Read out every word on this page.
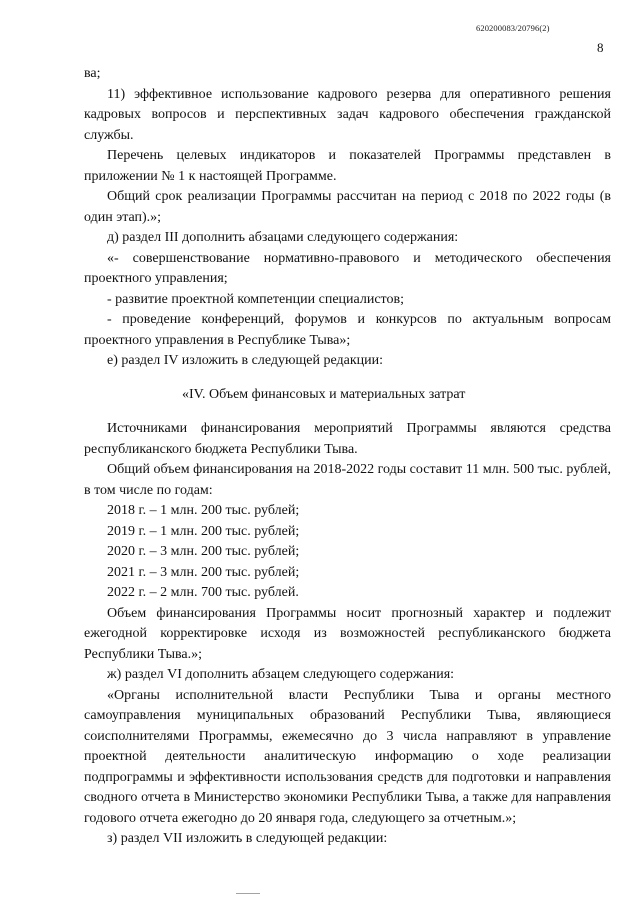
620200083/20796(2)
8
ва;
11) эффективное использование кадрового резерва для оперативного решения кадровых вопросов и перспективных задач кадрового обеспечения гражданской службы.
Перечень целевых индикаторов и показателей Программы представлен в приложении № 1 к настоящей Программе.
Общий срок реализации Программы рассчитан на период с 2018 по 2022 годы (в один этап).»;
д) раздел III дополнить абзацами следующего содержания:
«- совершенствование нормативно-правового и методического обеспечения проектного управления;
- развитие проектной компетенции специалистов;
- проведение конференций, форумов и конкурсов по актуальным вопросам проектного управления в Республике Тыва»;
е) раздел IV изложить в следующей редакции:
«IV. Объем финансовых и материальных затрат
Источниками финансирования мероприятий Программы являются средства республиканского бюджета Республики Тыва.
Общий объем финансирования на 2018-2022 годы составит 11 млн. 500 тыс. рублей, в том числе по годам:
2018 г. – 1 млн. 200 тыс. рублей;
2019 г. – 1 млн. 200 тыс. рублей;
2020 г. – 3 млн. 200 тыс. рублей;
2021 г. – 3 млн. 200 тыс. рублей;
2022 г. – 2 млн. 700 тыс. рублей.
Объем финансирования Программы носит прогнозный характер и подлежит ежегодной корректировке исходя из возможностей республиканского бюджета Республики Тыва.»;
ж) раздел VI дополнить абзацем следующего содержания:
«Органы исполнительной власти Республики Тыва и органы местного самоуправления муниципальных образований Республики Тыва, являющиеся соисполнителями Программы, ежемесячно до 3 числа направляют в управление проектной деятельности аналитическую информацию о ходе реализации подпрограммы и эффективности использования средств для подготовки и направления сводного отчета в Министерство экономики Республики Тыва, а также для направления годового отчета ежегодно до 20 января года, следующего за отчетным.»;
з) раздел VII изложить в следующей редакции:
